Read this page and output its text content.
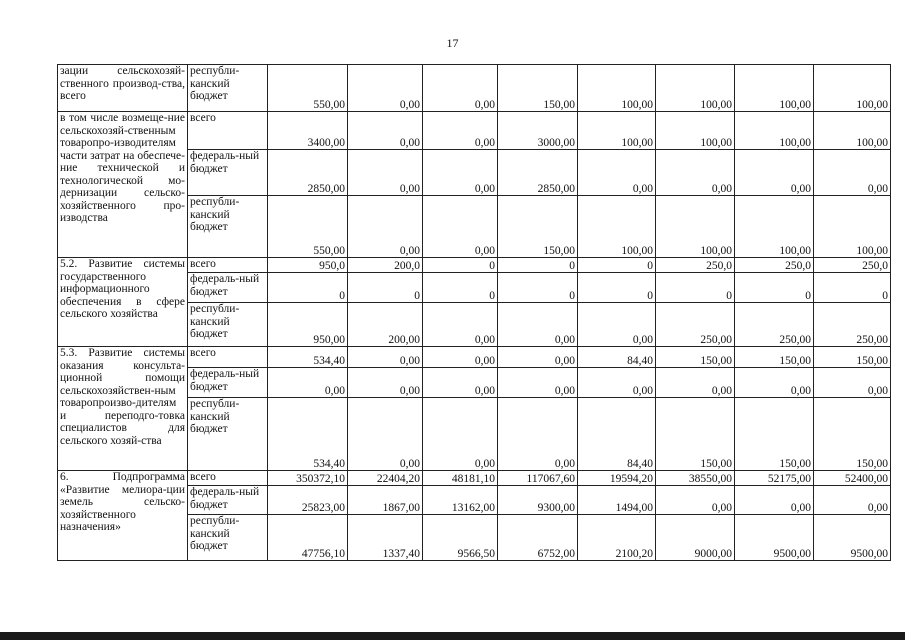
17
зации сельскохозяй-ственного производ-ства, всего	республи-канский бюджет	550,00	0,00	0,00	150,00	100,00	100,00	100,00	100,00
в том числе возмеще-ние сельскохозяй-ственным товаропро-изводителям части затрат на обеспече-ние технической и технологической мо-дернизации сельско-хозяйственного про-изводства	всего	3400,00	0,00	0,00	3000,00	100,00	100,00	100,00	100,00
	федераль-ный бюджет	2850,00	0,00	0,00	2850,00	0,00	0,00	0,00	0,00
	республи-канский бюджет	550,00	0,00	0,00	150,00	100,00	100,00	100,00	100,00
5.2. Развитие системы государственного информационного обеспечения в сфере сельского хозяйства	всего	950,0	200,0	0	0	0	250,0	250,0	250,0
	федераль-ный бюджет	0	0	0	0	0	0	0	0
	республи-канский бюджет	950,00	200,00	0,00	0,00	0,00	250,00	250,00	250,00
5.3. Развитие системы оказания консульта-ционной помощи сельскохозяйствен-ным товаропроизво-дителям и переподго-товка специалистов для сельского хозяй-ства	всего	534,40	0,00	0,00	0,00	84,40	150,00	150,00	150,00
	федераль-ный бюджет	0,00	0,00	0,00	0,00	0,00	0,00	0,00	0,00
	республи-канский бюджет	534,40	0,00	0,00	0,00	84,40	150,00	150,00	150,00
6. Подпрограмма «Развитие мелиора-ции земель сельско-хозяйственного назначения»	всего	350372,10	22404,20	48181,10	117067,60	19594,20	38550,00	52175,00	52400,00
	федераль-ный бюджет	25823,00	1867,00	13162,00	9300,00	1494,00	0,00	0,00	0,00
	республи-канский бюджет	47756,10	1337,40	9566,50	6752,00	2100,20	9000,00	9500,00	9500,00
